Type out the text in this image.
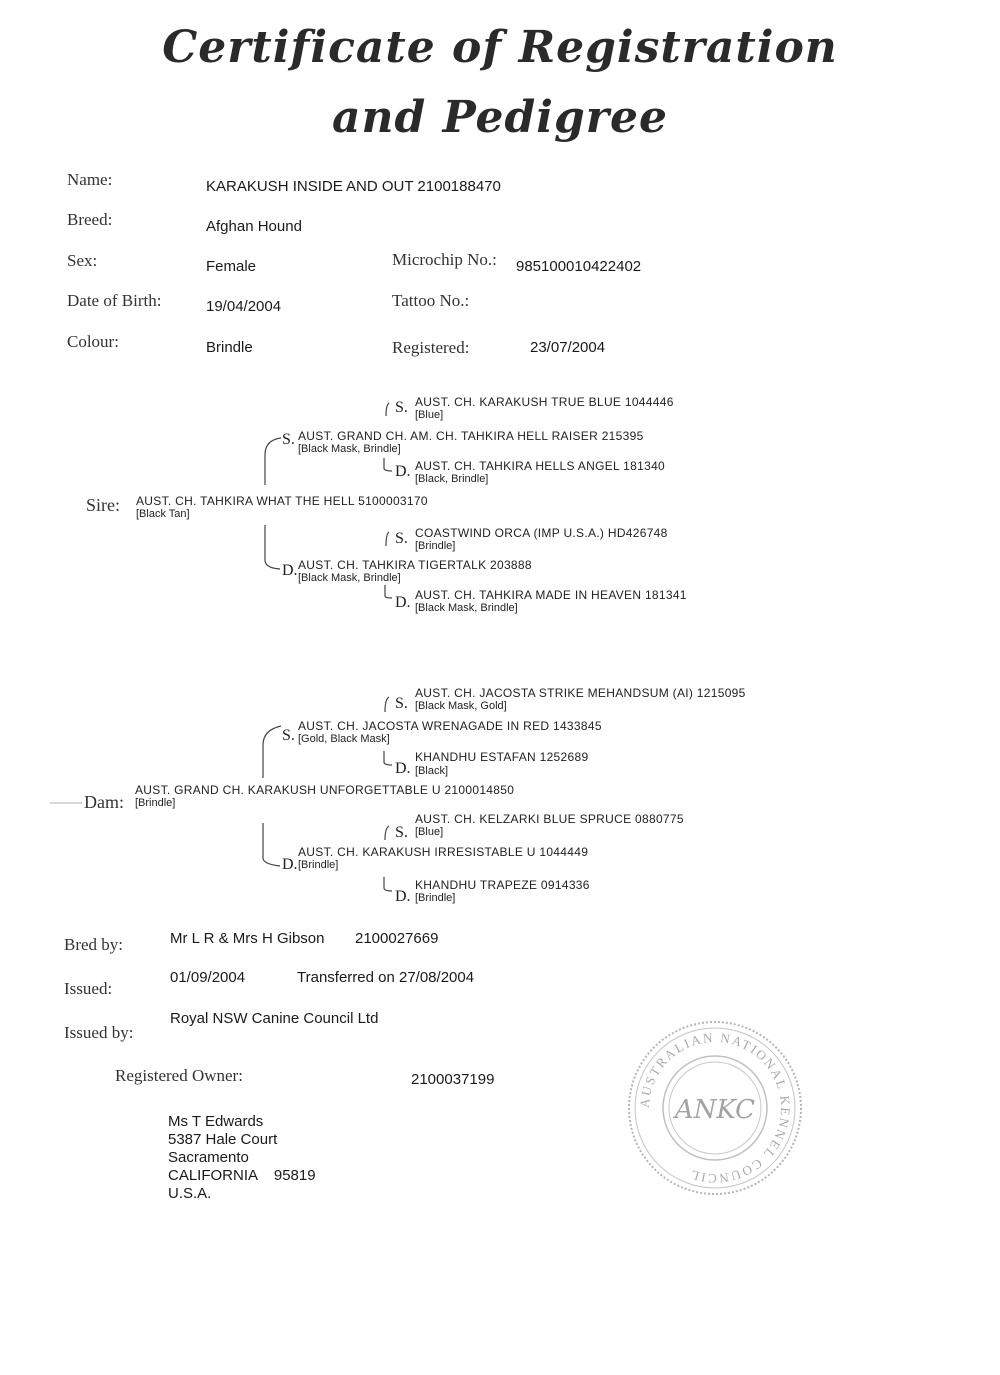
Certificate of Registration
and Pedigree
Name:	KARAKUSH INSIDE AND OUT 2100188470
Breed:	Afghan Hound
Sex:	Female	Microchip No.: 985100010422402
Date of Birth:	19/04/2004	Tattoo No.:
Colour:	Brindle	Registered:	23/07/2004
S. AUST. CH. KARAKUSH TRUE BLUE 1044446
[Blue]
S. AUST. GRAND CH. AM. CH. TAHKIRA HELL RAISER 215395
[Black Mask, Brindle]
D. AUST. CH. TAHKIRA HELLS ANGEL 181340
[Black, Brindle]
Sire: AUST. CH. TAHKIRA WHAT THE HELL 5100003170
[Black Tan]
S. COASTWIND ORCA (IMP U.S.A.) HD426748
[Brindle]
D. AUST. CH. TAHKIRA TIGERTALK 203888
[Black Mask, Brindle]
D. AUST. CH. TAHKIRA MADE IN HEAVEN 181341
[Black Mask, Brindle]
S.
AUST. CH. JACOSTA STRIKE MEHANDSUM (AI) 1215095
[Black Mask, Gold]
S.
AUST. CH. JACOSTA WRENAGADE IN RED 1433845
[Gold, Black Mask]
D.
KHANDHU ESTAFAN 1252689
[Black]
AUST. GRAND CH. KARAKUSH UNFORGETTABLE U 2100014850
Dam: [Brindle]
S.
AUST. CH. KELZARKI BLUE SPRUCE 0880775
[Blue]
D.
AUST. CH. KARAKUSH IRRESISTABLE U 1044449
[Brindle]
D.
KHANDHU TRAPEZE 0914336
[Brindle]
Bred by:	Mr L R & Mrs H Gibson 2100027669
Issued:
01/09/2004	Transferred on 27/08/2004
Issued by:
Royal NSW Canine Council Ltd
Registered Owner:	2100037199
Ms T Edwards
5387 Hale Court
Sacramento
CALIFORNIA    95819
U.S.A.
AUSTRALIAN NATIONAL KENNEL COUNCIL
ANKC
